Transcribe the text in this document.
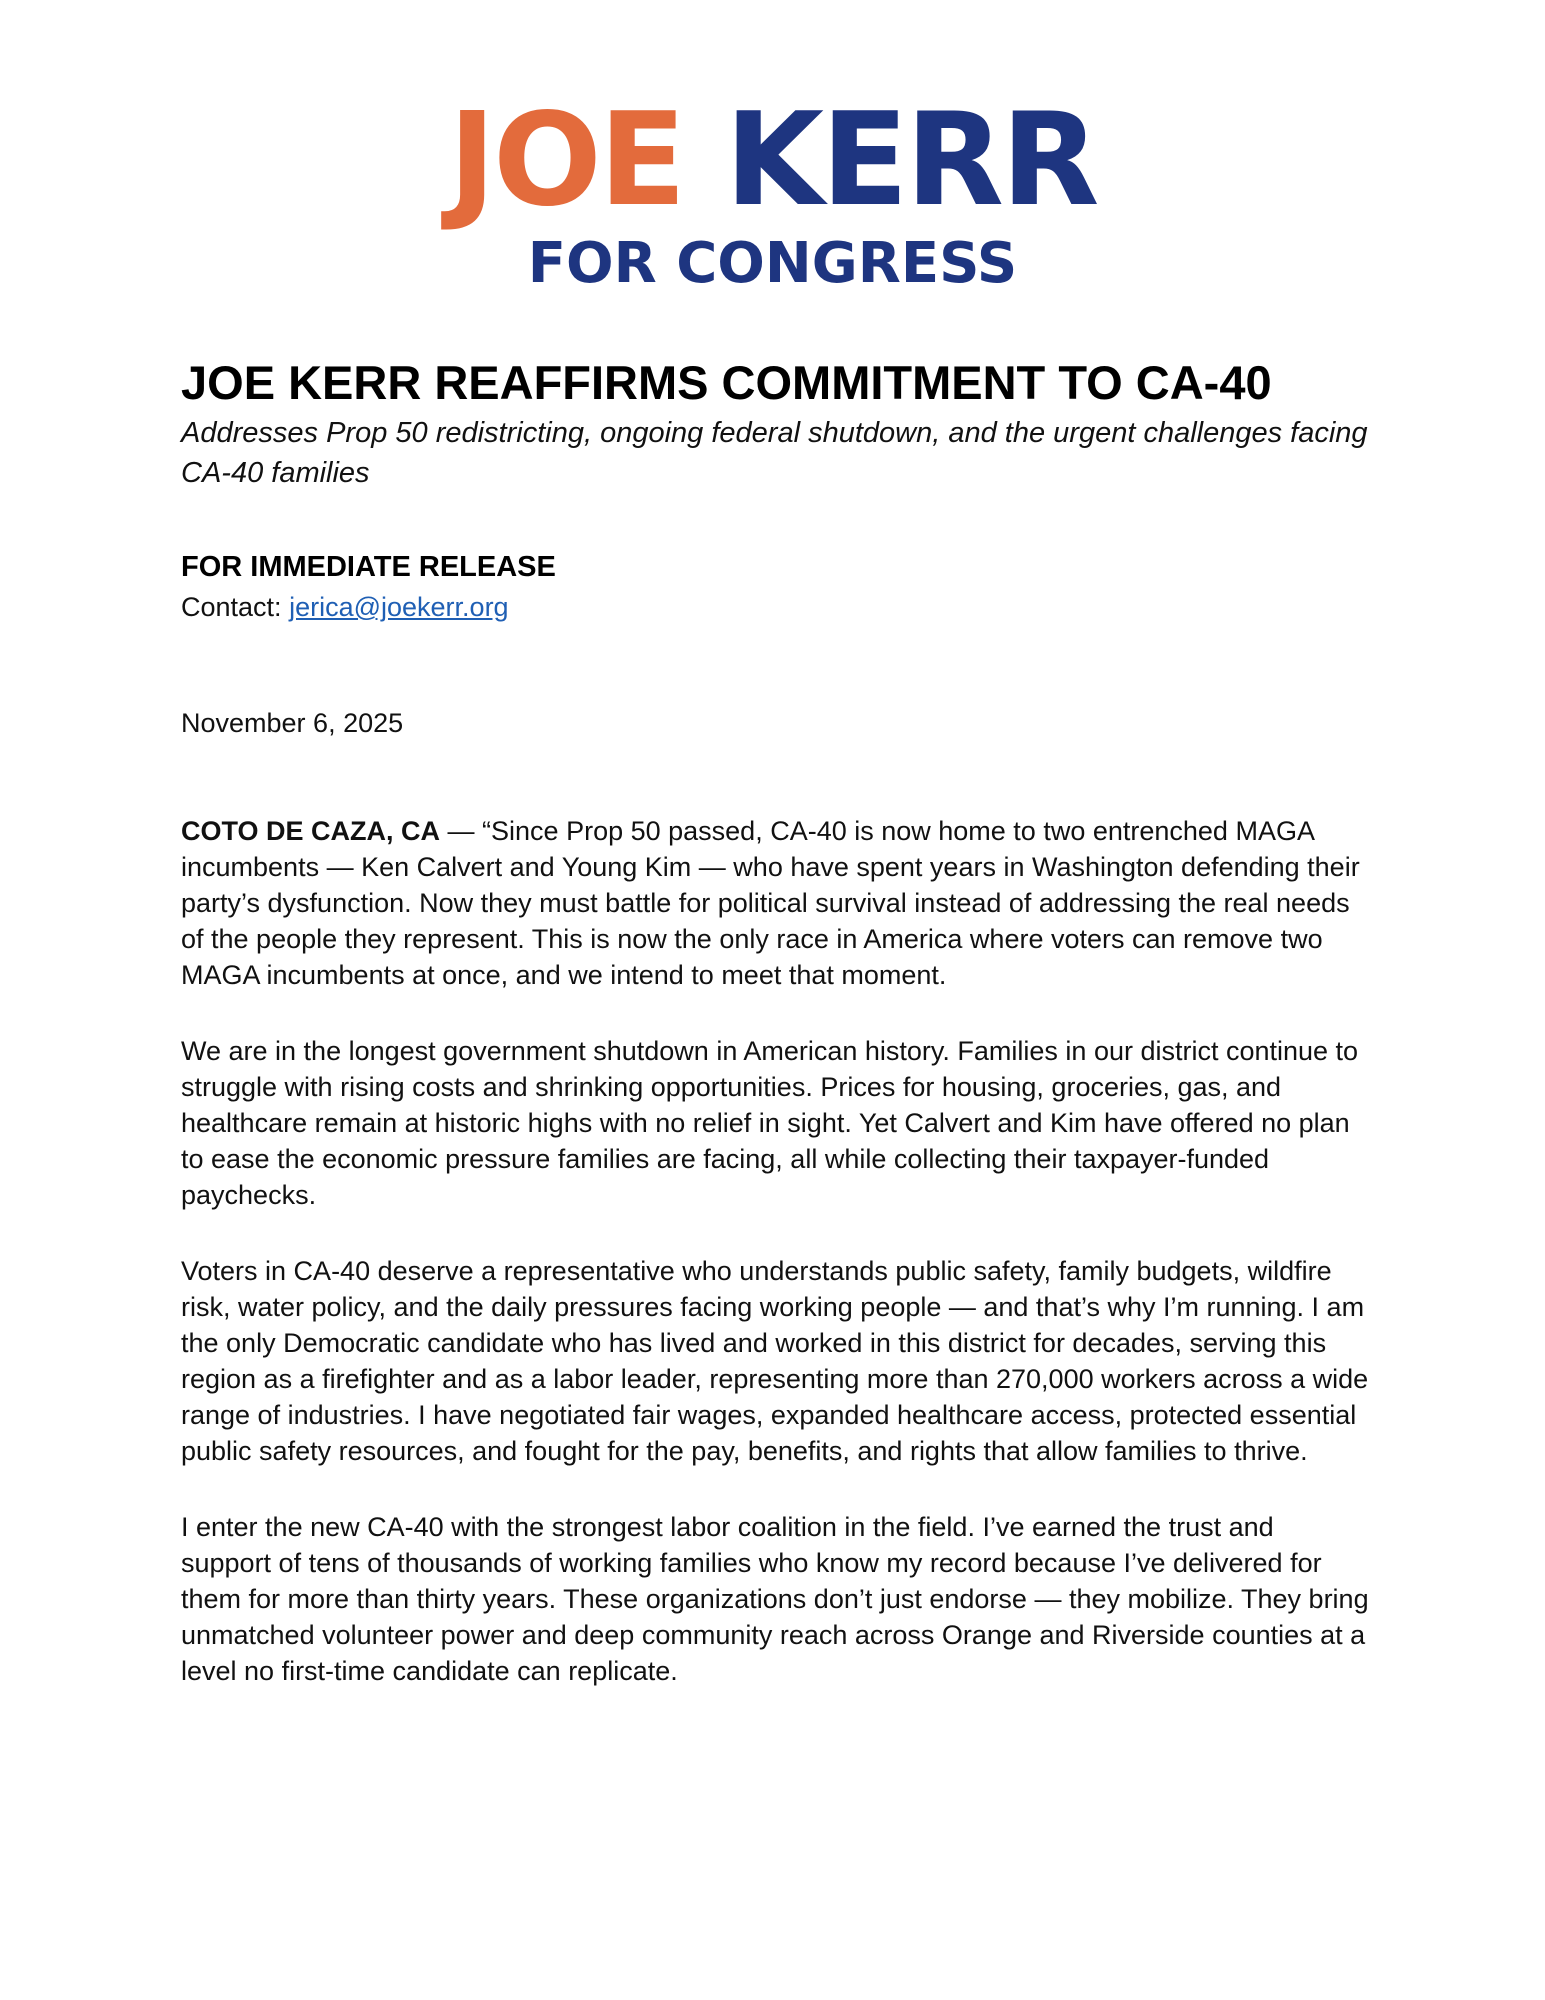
JOE KERR
FOR CONGRESS
JOE KERR REAFFIRMS COMMITMENT TO CA-40

Addresses Prop 50 redistricting, ongoing federal shutdown, and the urgent challenges facing CA-40 families

FOR IMMEDIATE RELEASE

Contact: jerica@joekerr.org

November 6, 2025

COTO DE CAZA, CA — “Since Prop 50 passed, CA-40 is now home to two entrenched MAGA incumbents — Ken Calvert and Young Kim — who have spent years in Washington defending their party’s dysfunction. Now they must battle for political survival instead of addressing the real needs of the people they represent. This is now the only race in America where voters can remove two MAGA incumbents at once, and we intend to meet that moment.

We are in the longest government shutdown in American history. Families in our district continue to struggle with rising costs and shrinking opportunities. Prices for housing, groceries, gas, and healthcare remain at historic highs with no relief in sight. Yet Calvert and Kim have offered no plan to ease the economic pressure families are facing, all while collecting their taxpayer-funded paychecks.

Voters in CA-40 deserve a representative who understands public safety, family budgets, wildfire risk, water policy, and the daily pressures facing working people — and that’s why I’m running. I am the only Democratic candidate who has lived and worked in this district for decades, serving this region as a firefighter and as a labor leader, representing more than 270,000 workers across a wide range of industries. I have negotiated fair wages, expanded healthcare access, protected essential public safety resources, and fought for the pay, benefits, and rights that allow families to thrive.

I enter the new CA-40 with the strongest labor coalition in the field. I’ve earned the trust and support of tens of thousands of working families who know my record because I’ve delivered for them for more than thirty years. These organizations don’t just endorse — they mobilize. They bring unmatched volunteer power and deep community reach across Orange and Riverside counties at a level no first-time candidate can replicate.
